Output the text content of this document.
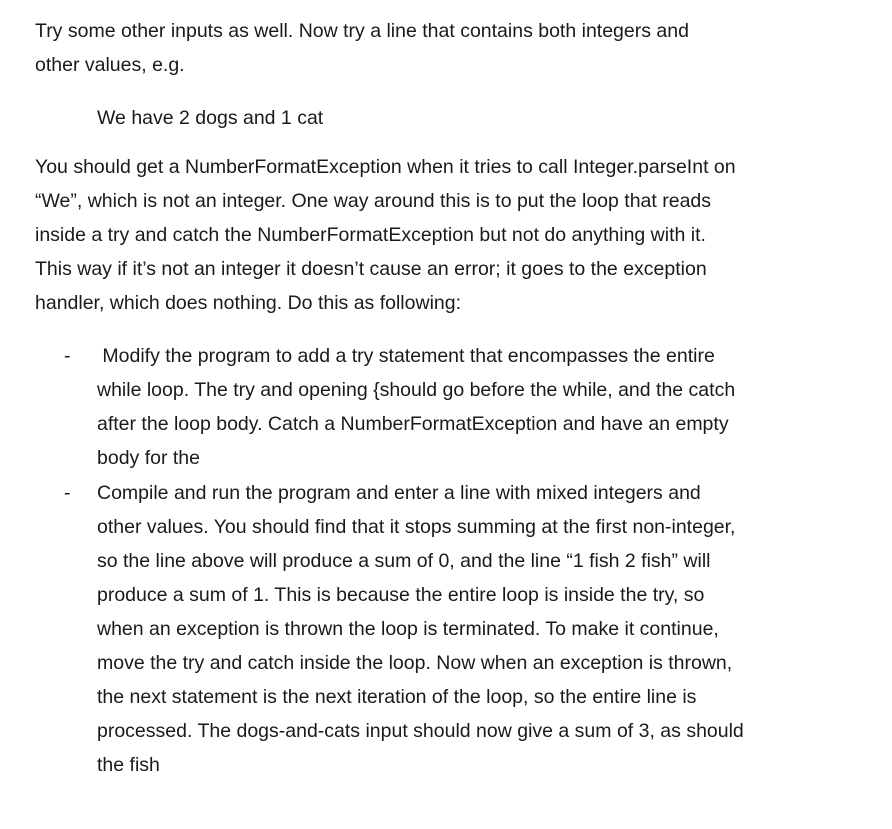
Try some other inputs as well. Now try a line that contains both integers and
other values, e.g.

We have 2 dogs and 1 cat

You should get a NumberFormatException when it tries to call Integer.parseInt on
“We”, which is not an integer. One way around this is to put the loop that reads
inside a try and catch the NumberFormatException but not do anything with it.
This way if it’s not an integer it doesn’t cause an error; it goes to the exception
handler, which does nothing. Do this as following:

- Modify the program to add a try statement that encompasses the entire
while loop. The try and opening {should go before the while, and the catch
after the loop body. Catch a NumberFormatException and have an empty
body for the
- Compile and run the program and enter a line with mixed integers and
other values. You should find that it stops summing at the first non-integer,
so the line above will produce a sum of 0, and the line “1 fish 2 fish” will
produce a sum of 1. This is because the entire loop is inside the try, so
when an exception is thrown the loop is terminated. To make it continue,
move the try and catch inside the loop. Now when an exception is thrown,
the next statement is the next iteration of the loop, so the entire line is
processed. The dogs-and-cats input should now give a sum of 3, as should
the fish
